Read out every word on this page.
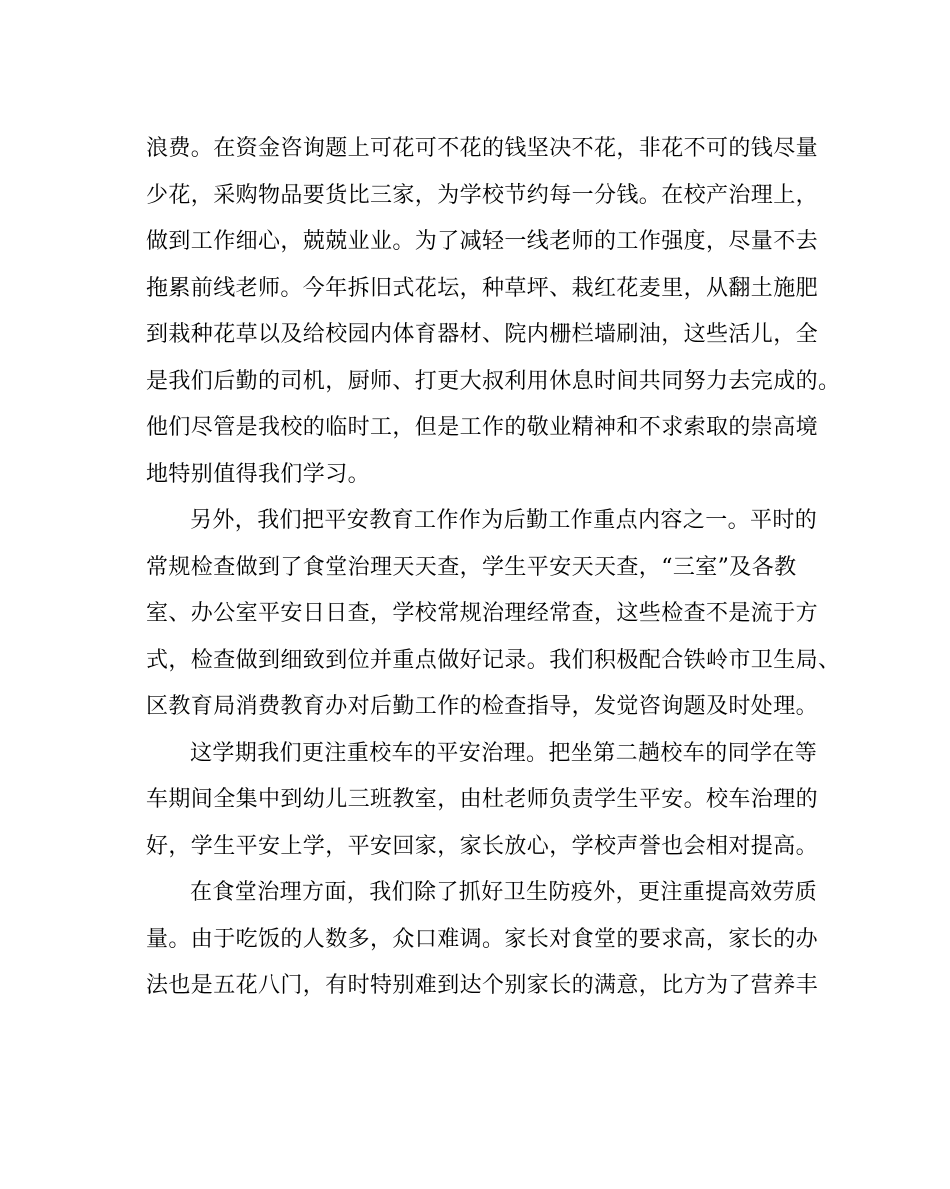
浪费。在资金咨询题上可花可不花的钱坚决不花，非花不可的钱尽量
少花，采购物品要货比三家，为学校节约每一分钱。在校产治理上，
做到工作细心，兢兢业业。为了减轻一线老师的工作强度，尽量不去
拖累前线老师。今年拆旧式花坛，种草坪、栽红花麦里，从翻土施肥
到栽种花草以及给校园内体育器材、院内栅栏墙刷油，这些活儿，全
是我们后勤的司机，厨师、打更大叔利用休息时间共同努力去完成的。
他们尽管是我校的临时工，但是工作的敬业精神和不求索取的崇高境
地特别值得我们学习。
另外，我们把平安教育工作作为后勤工作重点内容之一。平时的
常规检查做到了食堂治理天天查，学生平安天天查，“三室”及各教
室、办公室平安日日查，学校常规治理经常查，这些检查不是流于方
式，检查做到细致到位并重点做好记录。我们积极配合铁岭市卫生局、
区教育局消费教育办对后勤工作的检查指导，发觉咨询题及时处理。
这学期我们更注重校车的平安治理。把坐第二趟校车的同学在等
车期间全集中到幼儿三班教室，由杜老师负责学生平安。校车治理的
好，学生平安上学，平安回家，家长放心，学校声誉也会相对提高。
在食堂治理方面，我们除了抓好卫生防疫外，更注重提高效劳质
量。由于吃饭的人数多，众口难调。家长对食堂的要求高，家长的办
法也是五花八门，有时特别难到达个别家长的满意，比方为了营养丰
